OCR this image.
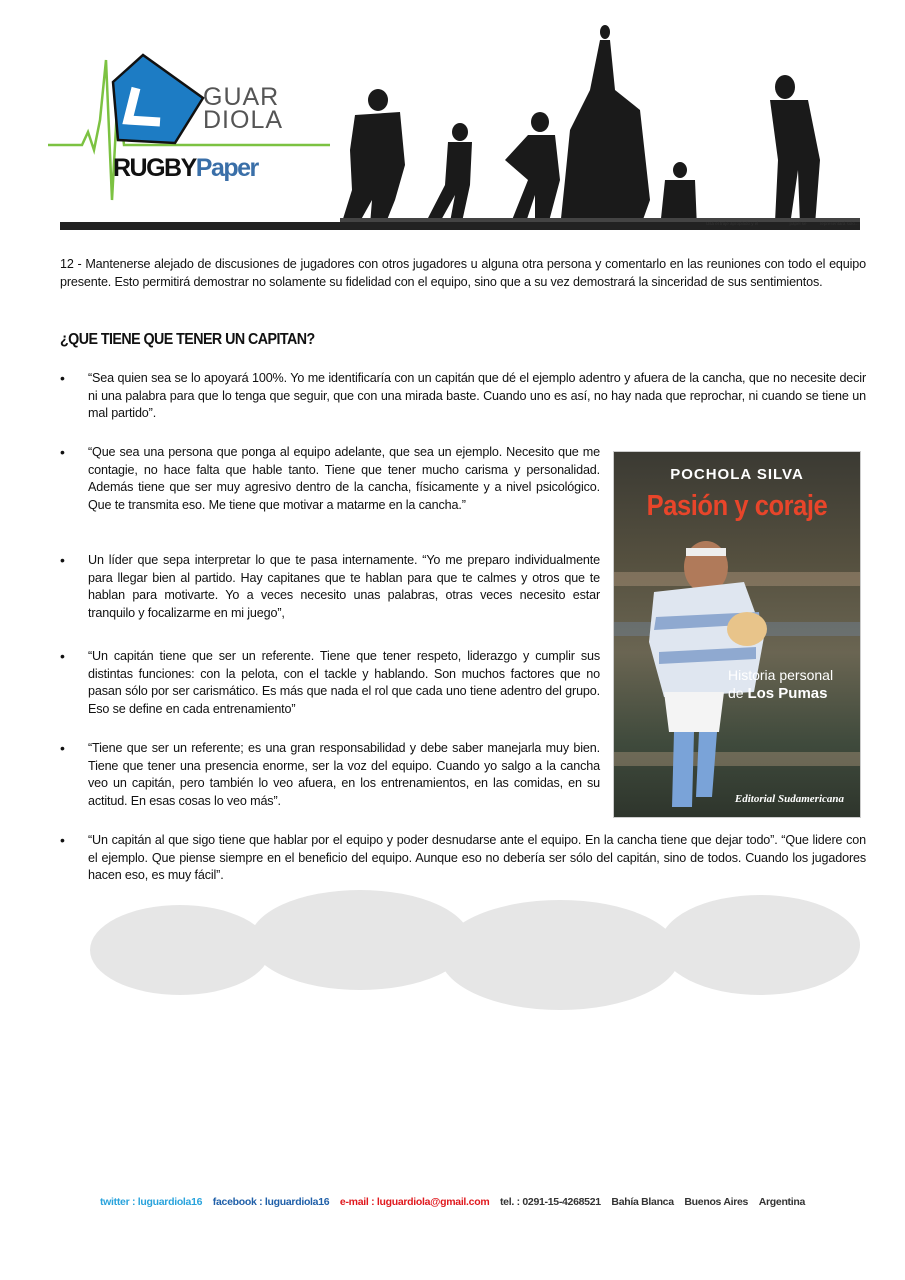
GUAR
DIOLA
RUGBYPaper
Usá el traje apropiado y el	papel se	representará solo...
12 - Mantenerse alejado de discusiones de jugadores con otros jugadores u alguna otra persona y comentarlo en las reuniones con todo el equipo presente. Esto permitirá demostrar no solamente su fidelidad con el equipo, sino que a su vez demostrará la sinceridad de sus sentimientos.
¿QUE TIENE QUE TENER UN CAPITAN?
• “Sea quien sea se lo apoyará 100%. Yo me identificaría con un capitán que dé el ejemplo adentro y afuera de la cancha, que no necesite decir ni una palabra para que lo tenga que seguir, que con una mirada baste. Cuando uno es así, no hay nada que reprochar, ni cuando se tiene un mal partido”.
• “Que sea una persona que ponga al equipo adelante, que sea un ejemplo. Necesito que me contagie, no hace falta que hable tanto. Tiene que tener mucho carisma y personalidad. Además tiene que ser muy agresivo dentro de la cancha, físicamente y a nivel psicológico. Que te transmita eso. Me tiene que motivar a matarme en la cancha.”
• Un líder que sepa interpretar lo que te pasa internamente. “Yo me preparo individualmente para llegar bien al partido. Hay capitanes que te hablan para que te calmes y otros que te hablan para motivarte. Yo a veces necesito unas palabras, otras veces necesito estar tranquilo y focalizarme en mi juego”,
• “Un capitán tiene que ser un referente. Tiene que tener respeto, liderazgo y cumplir sus distintas funciones: con la pelota, con el tackle y hablando. Son muchos factores que no pasan sólo por ser carismático. Es más que nada el rol que cada uno tiene adentro del grupo. Eso se define en cada entrenamiento”
• “Tiene que ser un referente; es una gran responsabilidad y debe saber manejarla muy bien. Tiene que tener una presencia enorme, ser la voz del equipo. Cuando yo salgo a la cancha veo un capitán, pero también lo veo afuera, en los entrenamientos, en las comidas, en su actitud. En esas cosas lo veo más”.
• “Un capitán al que sigo tiene que hablar por el equipo y poder desnudarse ante el equipo. En la cancha tiene que dejar todo”. “Que lidere con el ejemplo. Que piense siempre en el beneficio del equipo. Aunque eso no debería ser sólo del capitán, sino de todos. Cuando los jugadores hacen eso, es muy fácil”.
POCHOLA SILVA
Pasión y coraje
Historia personal
de Los Pumas
Editorial Sudamericana
twitter : luguardiola16 facebook : luguardiola16 e-mail : luguardiola@gmail.com tel. : 0291-15-4268521 Bahía Blanca Buenos Aires Argentina
